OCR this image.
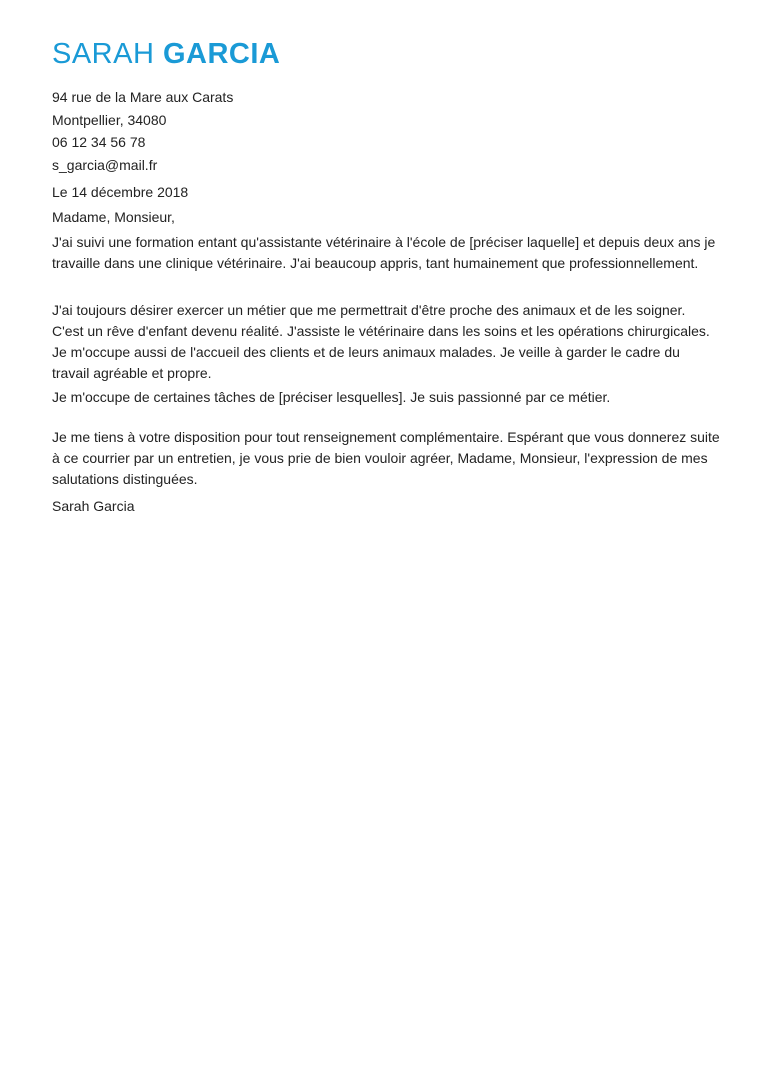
SARAH GARCIA
94 rue de la Mare aux Carats
Montpellier, 34080
06 12 34 56 78
s_garcia@mail.fr
Le 14 décembre 2018
Madame, Monsieur,
J'ai suivi une formation entant qu'assistante vétérinaire à l'école de [préciser laquelle] et depuis deux ans je travaille dans une clinique vétérinaire. J'ai beaucoup appris, tant humainement que professionnellement.
J'ai toujours désirer exercer un métier que me permettrait d'être proche des animaux et de les soigner. C'est un rêve d'enfant devenu réalité. J'assiste le vétérinaire dans les soins et les opérations chirurgicales. Je m'occupe aussi de l'accueil des clients et de leurs animaux malades. Je veille à garder le cadre du travail agréable et propre.
Je m'occupe de certaines tâches de [préciser lesquelles]. Je suis passionné par ce métier.
Je me tiens à votre disposition pour tout renseignement complémentaire. Espérant que vous donnerez suite à ce courrier par un entretien, je vous prie de bien vouloir agréer, Madame, Monsieur, l'expression de mes salutations distinguées.
Sarah Garcia
